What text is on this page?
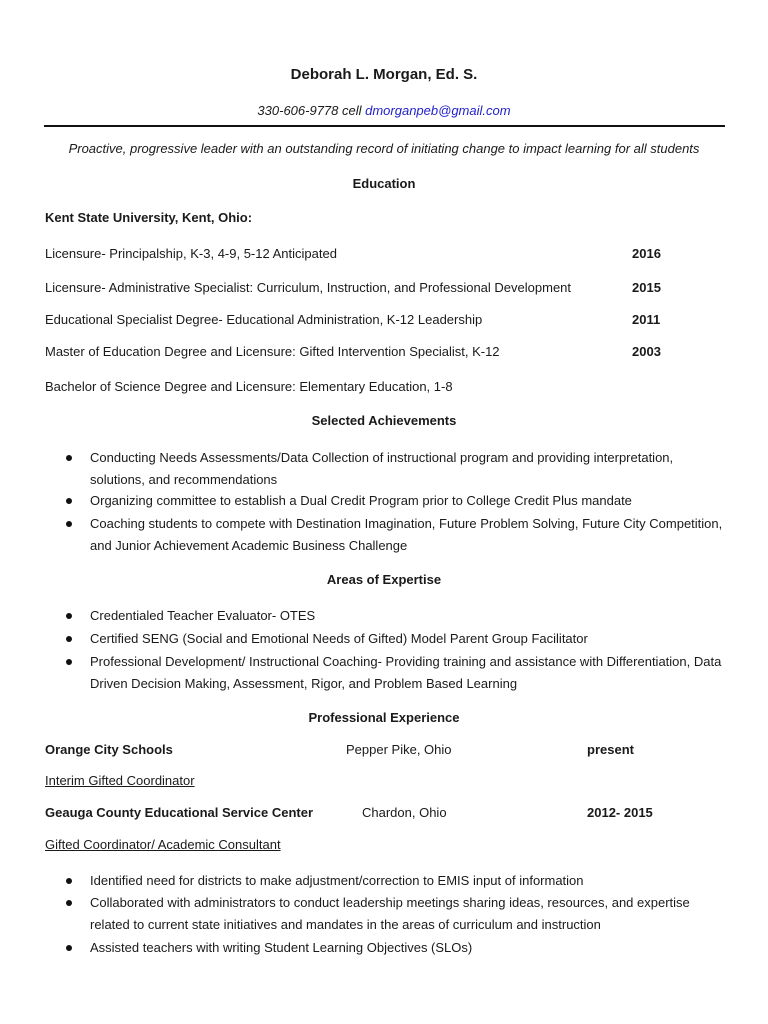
Deborah L. Morgan, Ed. S.
330-606-9778 cell dmorganpeb@gmail.com
Proactive, progressive leader with an outstanding record of initiating change to impact learning for all students
Education
Kent State University, Kent, Ohio:
Licensure- Principalship, K-3, 4-9, 5-12 Anticipated	2016
Licensure- Administrative Specialist: Curriculum, Instruction, and Professional Development	2015
Educational Specialist Degree- Educational Administration, K-12 Leadership	2011
Master of Education Degree and Licensure: Gifted Intervention Specialist, K-12	2003
Bachelor of Science Degree and Licensure: Elementary Education, 1-8
Selected Achievements
Conducting Needs Assessments/Data Collection of instructional program and providing interpretation, solutions, and recommendations
Organizing committee to establish a Dual Credit Program prior to College Credit Plus mandate
Coaching students to compete with Destination Imagination, Future Problem Solving, Future City Competition, and Junior Achievement Academic Business Challenge
Areas of Expertise
Credentialed Teacher Evaluator- OTES
Certified SENG (Social and Emotional Needs of Gifted) Model Parent Group Facilitator
Professional Development/ Instructional Coaching- Providing training and assistance with Differentiation, Data Driven Decision Making, Assessment, Rigor, and Problem Based Learning
Professional Experience
Orange City Schools	Pepper Pike, Ohio	present
Interim Gifted Coordinator
Geauga County Educational Service Center	Chardon, Ohio	2012- 2015
Gifted Coordinator/ Academic Consultant
Identified need for districts to make adjustment/correction to EMIS input of information
Collaborated with administrators to conduct leadership meetings sharing ideas, resources, and expertise related to current state initiatives and mandates in the areas of curriculum and instruction
Assisted teachers with writing Student Learning Objectives (SLOs)
